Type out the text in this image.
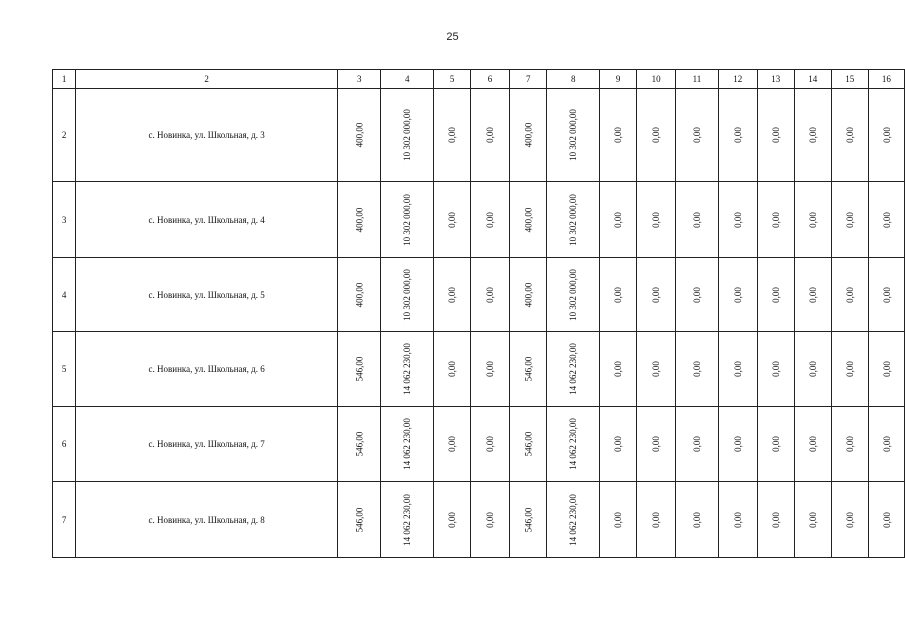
25
1	2	3	4	5	6	7	8	9	10	11	12	13	14	15	16
2	с. Новинка, ул. Школьная, д. 3	400,00	10 302 000,00	0,00	0,00	400,00	10 302 000,00	0,00	0,00	0,00	0,00	0,00	0,00	0,00	0,00
3	с. Новинка, ул. Школьная, д. 4	400,00	10 302 000,00	0,00	0,00	400,00	10 302 000,00	0,00	0,00	0,00	0,00	0,00	0,00	0,00	0,00
4	с. Новинка, ул. Школьная, д. 5	400,00	10 302 000,00	0,00	0,00	400,00	10 302 000,00	0,00	0,00	0,00	0,00	0,00	0,00	0,00	0,00
5	с. Новинка, ул. Школьная, д. 6	546,00	14 062 230,00	0,00	0,00	546,00	14 062 230,00	0,00	0,00	0,00	0,00	0,00	0,00	0,00	0,00
6	с. Новинка, ул. Школьная, д. 7	546,00	14 062 230,00	0,00	0,00	546,00	14 062 230,00	0,00	0,00	0,00	0,00	0,00	0,00	0,00	0,00
7	с. Новинка, ул. Школьная, д. 8	546,00	14 062 230,00	0,00	0,00	546,00	14 062 230,00	0,00	0,00	0,00	0,00	0,00	0,00	0,00	0,00
